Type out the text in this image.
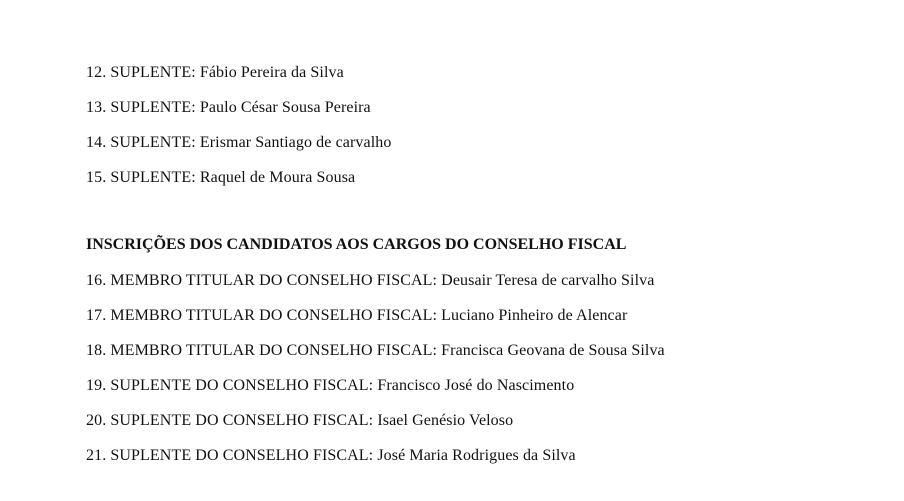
12. SUPLENTE: Fábio Pereira da Silva
13. SUPLENTE: Paulo César Sousa Pereira
14. SUPLENTE: Erismar Santiago de carvalho
15. SUPLENTE: Raquel de Moura Sousa
INSCRIÇÕES DOS CANDIDATOS AOS CARGOS DO CONSELHO FISCAL
16. MEMBRO TITULAR DO CONSELHO FISCAL: Deusair Teresa de carvalho Silva
17. MEMBRO TITULAR DO CONSELHO FISCAL: Luciano Pinheiro de Alencar
18. MEMBRO TITULAR DO CONSELHO FISCAL: Francisca Geovana de Sousa Silva
19. SUPLENTE DO CONSELHO FISCAL: Francisco José do Nascimento
20. SUPLENTE DO CONSELHO FISCAL: Isael Genésio Veloso
21. SUPLENTE DO CONSELHO FISCAL: José Maria Rodrigues da Silva
